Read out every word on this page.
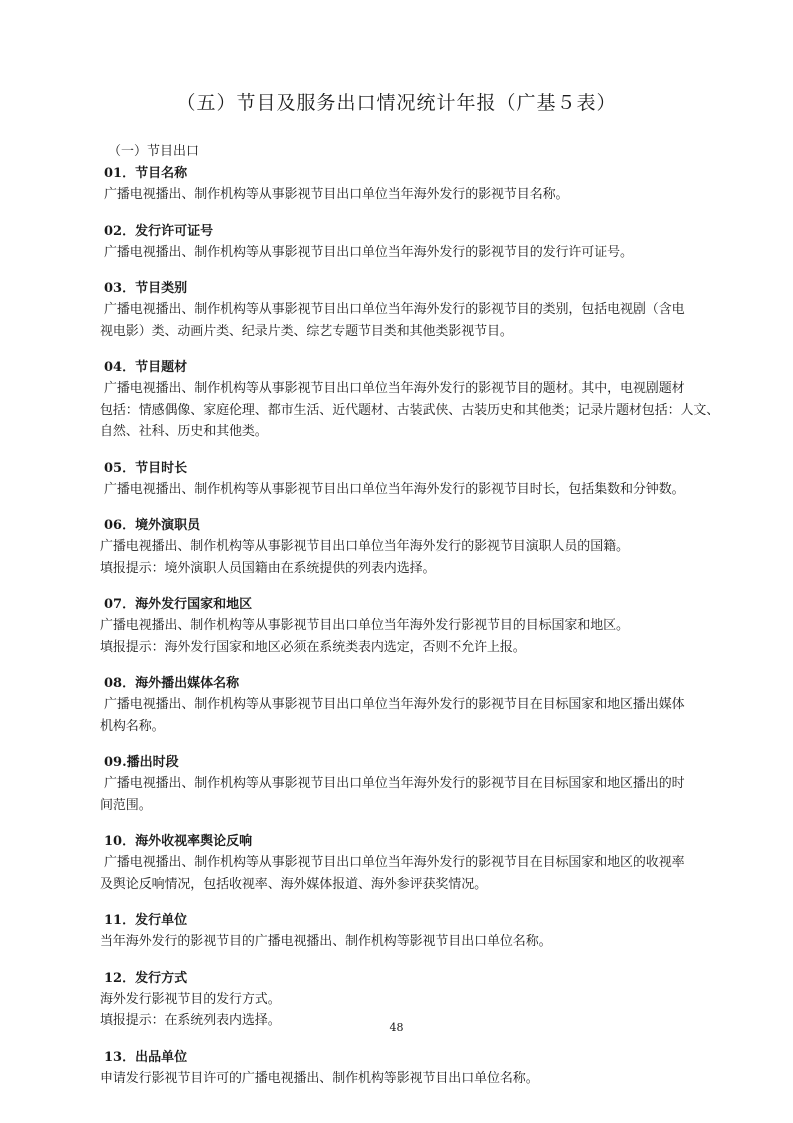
（五）节目及服务出口情况统计年报（广基５表）

（一）节目出口

01．节目名称

广播电视播出、制作机构等从事影视节目出口单位当年海外发行的影视节目名称。

02．发行许可证号

广播电视播出、制作机构等从事影视节目出口单位当年海外发行的影视节目的发行许可证号。

03．节目类别

广播电视播出、制作机构等从事影视节目出口单位当年海外发行的影视节目的类别，包括电视剧（含电

视电影）类、动画片类、纪录片类、综艺专题节目类和其他类影视节目。

04．节目题材

广播电视播出、制作机构等从事影视节目出口单位当年海外发行的影视节目的题材。其中，电视剧题材

包括：情感偶像、家庭伦理、都市生活、近代题材、古装武侠、古装历史和其他类；记录片题材包括：人文、

自然、社科、历史和其他类。

05．节目时长

广播电视播出、制作机构等从事影视节目出口单位当年海外发行的影视节目时长，包括集数和分钟数。

06．境外演职员

广播电视播出、制作机构等从事影视节目出口单位当年海外发行的影视节目演职人员的国籍。

填报提示：境外演职人员国籍由在系统提供的列表内选择。

07．海外发行国家和地区

广播电视播出、制作机构等从事影视节目出口单位当年海外发行影视节目的目标国家和地区。

填报提示：海外发行国家和地区必须在系统类表内选定，否则不允许上报。

08．海外播出媒体名称

广播电视播出、制作机构等从事影视节目出口单位当年海外发行的影视节目在目标国家和地区播出媒体

机构名称。

09.播出时段

广播电视播出、制作机构等从事影视节目出口单位当年海外发行的影视节目在目标国家和地区播出的时

间范围。

10．海外收视率舆论反响

广播电视播出、制作机构等从事影视节目出口单位当年海外发行的影视节目在目标国家和地区的收视率

及舆论反响情况，包括收视率、海外媒体报道、海外参评获奖情况。

11．发行单位

当年海外发行的影视节目的广播电视播出、制作机构等影视节目出口单位名称。

12．发行方式

海外发行影视节目的发行方式。

填报提示：在系统列表内选择。

13．出品单位

申请发行影视节目许可的广播电视播出、制作机构等影视节目出口单位名称。

48
